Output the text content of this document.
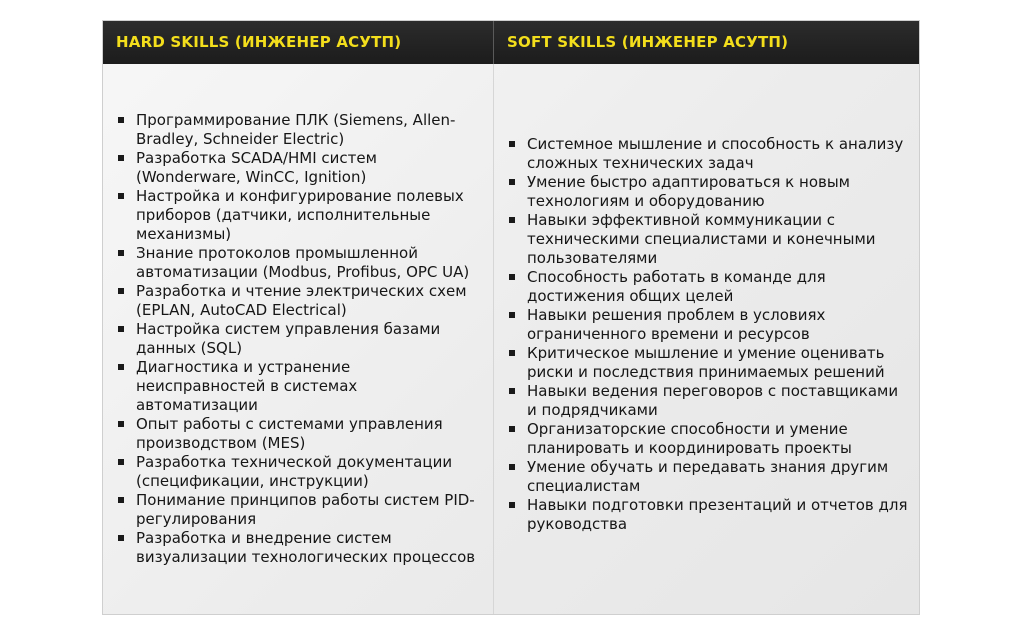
HARD SKILLS (ИНЖЕНЕР АСУТП)	SOFT SKILLS (ИНЖЕНЕР АСУТП)
Программирование ПЛК (Siemens, Allen-Bradley, Schneider Electric)
Разработка SCADA/HMI систем (Wonderware, WinCC, Ignition)
Настройка и конфигурирование полевых приборов (датчики, исполнительные механизмы)
Знание протоколов промышленной автоматизации (Modbus, Profibus, OPC UA)
Разработка и чтение электрических схем (EPLAN, AutoCAD Electrical)
Настройка систем управления базами данных (SQL)
Диагностика и устранение неисправностей в системах автоматизации
Опыт работы с системами управления производством (MES)
Разработка технической документации (спецификации, инструкции)
Понимание принципов работы систем PID-регулирования
Разработка и внедрение систем визуализации технологических процессов
Системное мышление и способность к анализу сложных технических задач
Умение быстро адаптироваться к новым технологиям и оборудованию
Навыки эффективной коммуникации с техническими специалистами и конечными пользователями
Способность работать в команде для достижения общих целей
Навыки решения проблем в условиях ограниченного времени и ресурсов
Критическое мышление и умение оценивать риски и последствия принимаемых решений
Навыки ведения переговоров с поставщиками и подрядчиками
Организаторские способности и умение планировать и координировать проекты
Умение обучать и передавать знания другим специалистам
Навыки подготовки презентаций и отчетов для руководства
